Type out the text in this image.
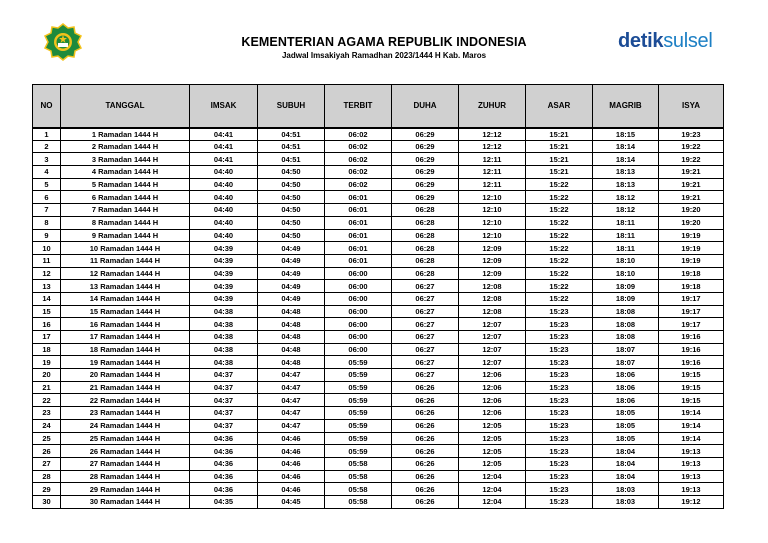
KEMENTERIAN AGAMA REPUBLIK INDONESIA
Jadwal Imsakiyah Ramadhan 2023/1444 H Kab. Maros
detiksulsel
NO	TANGGAL	IMSAK	SUBUH	TERBIT	DUHA	ZUHUR	ASAR	MAGRIB	ISYA
1	1 Ramadan 1444 H	04:41	04:51	06:02	06:29	12:12	15:21	18:15	19:23
2	2 Ramadan 1444 H	04:41	04:51	06:02	06:29	12:12	15:21	18:14	19:22
3	3 Ramadan 1444 H	04:41	04:51	06:02	06:29	12:11	15:21	18:14	19:22
4	4 Ramadan 1444 H	04:40	04:50	06:02	06:29	12:11	15:21	18:13	19:21
5	5 Ramadan 1444 H	04:40	04:50	06:02	06:29	12:11	15:22	18:13	19:21
6	6 Ramadan 1444 H	04:40	04:50	06:01	06:29	12:10	15:22	18:12	19:21
7	7 Ramadan 1444 H	04:40	04:50	06:01	06:28	12:10	15:22	18:12	19:20
8	8 Ramadan 1444 H	04:40	04:50	06:01	06:28	12:10	15:22	18:11	19:20
9	9 Ramadan 1444 H	04:40	04:50	06:01	06:28	12:10	15:22	18:11	19:19
10	10 Ramadan 1444 H	04:39	04:49	06:01	06:28	12:09	15:22	18:11	19:19
11	11 Ramadan 1444 H	04:39	04:49	06:01	06:28	12:09	15:22	18:10	19:19
12	12 Ramadan 1444 H	04:39	04:49	06:00	06:28	12:09	15:22	18:10	19:18
13	13 Ramadan 1444 H	04:39	04:49	06:00	06:27	12:08	15:22	18:09	19:18
14	14 Ramadan 1444 H	04:39	04:49	06:00	06:27	12:08	15:22	18:09	19:17
15	15 Ramadan 1444 H	04:38	04:48	06:00	06:27	12:08	15:23	18:08	19:17
16	16 Ramadan 1444 H	04:38	04:48	06:00	06:27	12:07	15:23	18:08	19:17
17	17 Ramadan 1444 H	04:38	04:48	06:00	06:27	12:07	15:23	18:08	19:16
18	18 Ramadan 1444 H	04:38	04:48	06:00	06:27	12:07	15:23	18:07	19:16
19	19 Ramadan 1444 H	04:38	04:48	05:59	06:27	12:07	15:23	18:07	19:16
20	20 Ramadan 1444 H	04:37	04:47	05:59	06:27	12:06	15:23	18:06	19:15
21	21 Ramadan 1444 H	04:37	04:47	05:59	06:26	12:06	15:23	18:06	19:15
22	22 Ramadan 1444 H	04:37	04:47	05:59	06:26	12:06	15:23	18:06	19:15
23	23 Ramadan 1444 H	04:37	04:47	05:59	06:26	12:06	15:23	18:05	19:14
24	24 Ramadan 1444 H	04:37	04:47	05:59	06:26	12:05	15:23	18:05	19:14
25	25 Ramadan 1444 H	04:36	04:46	05:59	06:26	12:05	15:23	18:05	19:14
26	26 Ramadan 1444 H	04:36	04:46	05:59	06:26	12:05	15:23	18:04	19:13
27	27 Ramadan 1444 H	04:36	04:46	05:58	06:26	12:05	15:23	18:04	19:13
28	28 Ramadan 1444 H	04:36	04:46	05:58	06:26	12:04	15:23	18:04	19:13
29	29 Ramadan 1444 H	04:36	04:46	05:58	06:26	12:04	15:23	18:03	19:13
30	30 Ramadan 1444 H	04:35	04:45	05:58	06:26	12:04	15:23	18:03	19:12
